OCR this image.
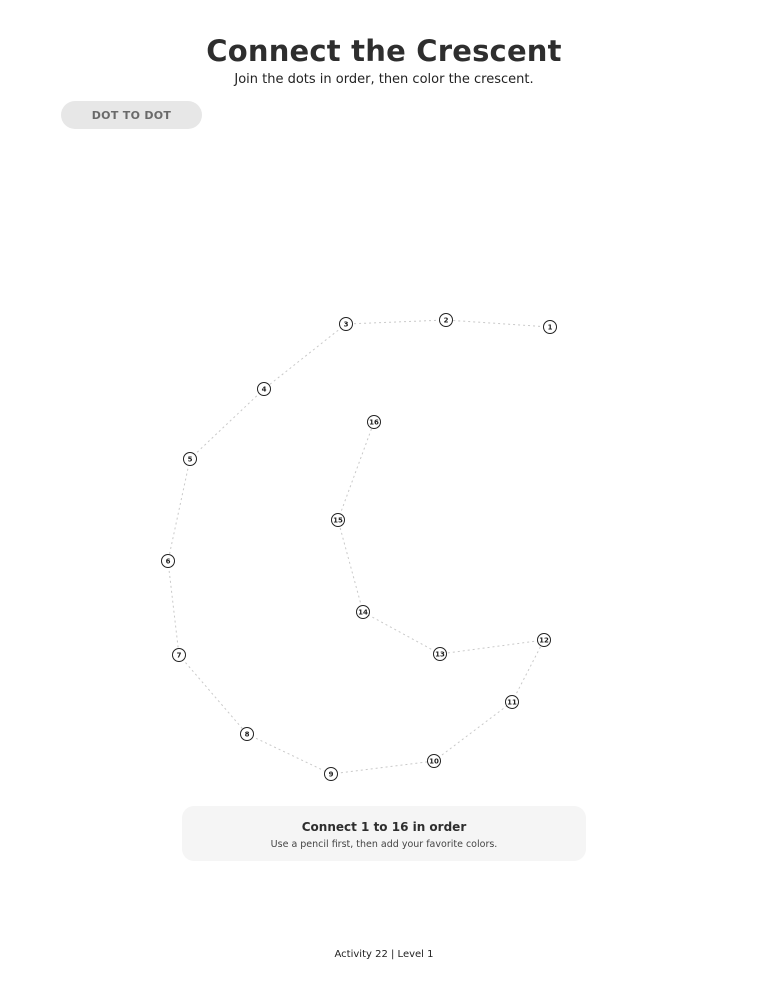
Connect the Crescent
Join the dots in order, then color the crescent.
DOT TO DOT
1
2
3
4
5
6
7
8
9
10
11
12
13
14
15
16
Connect 1 to 16 in order
Use a pencil first, then add your favorite colors.
Activity 22 | Level 1
